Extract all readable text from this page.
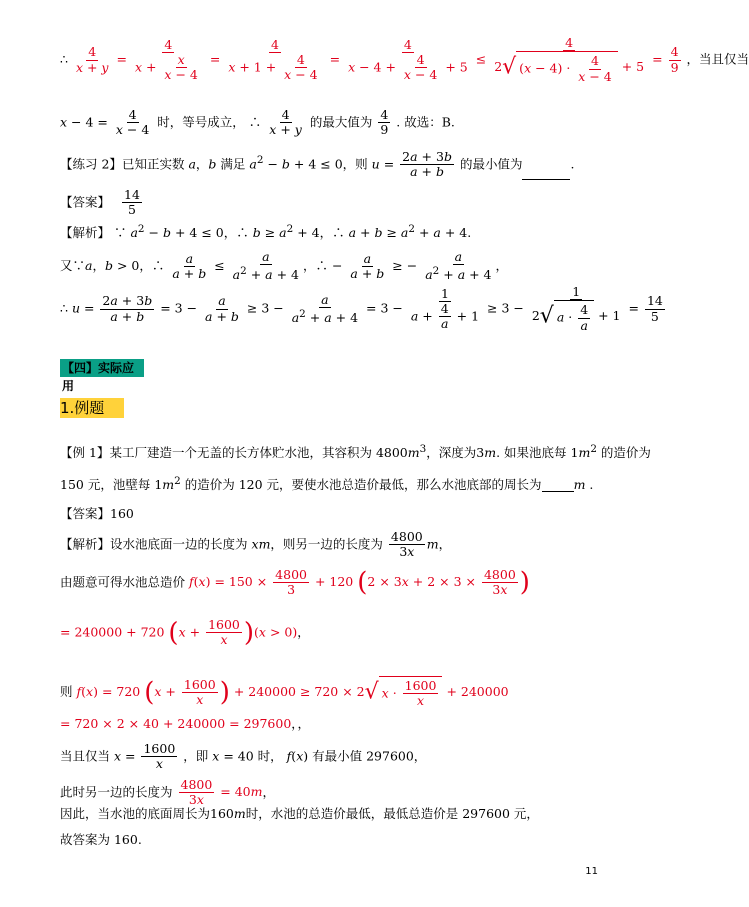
∴ $\frac{4}{x + y} = \frac{4}{x + \frac{x}{x - 4}} = \frac{4}{x + 1 + \frac{4}{x - 4}} = \frac{4}{x - 4 + \frac{4}{x - 4} + 5} \le \frac{4}{2√ (x - 4) \cdot \frac{4}{x - 4} + 5} = \frac{4}{9}$ ，当且仅当
$x - 4 = \frac{4}{x - 4}$ 时，等号成立， ∴ $\frac{4}{x + y}$ 的最大值为 $\frac{4}{9}$ . 故选：B.
【练习 2】已知正实数 a，b 满足 $a^2 - b + 4 \le 0$，则 $u = \frac{2a + 3b}{a + b}$ 的最小值为	.
【答案】 $\frac{14}{5}$
【解析】 ∵ $a^2 - b + 4 \le 0$，∴ $b \ge a^2 + 4$，∴ $a + b \ge a^2 + a + 4$.
又∵a，b > 0，∴ $\frac{a}{a + b} \le \frac{a}{a^2 + a + 4}$ ，∴ − $\frac{a}{a + b}$ ≥ − $\frac{a}{a^2 + a + 4}$ ，
∴ $u = \frac{2a + 3b}{a + b} = 3 - \frac{a}{a + b} \ge 3 - \frac{a}{a^2 + a + 4} = 3 - \frac{1}{a + \frac{4}{a} + 1} \ge 3 - \frac{1}{2√ a \cdot \frac{4}{a} + 1} = \frac{14}{5}$
【四】实际应用
1.例题
【例 1】某工厂建造一个无盖的长方体贮水池，其容积为 $4800m^3$，深度为3m. 如果池底每 $1m^2$ 的造价为
150 元，池壁每 $1m^2$ 的造价为 120 元，要使水池总造价最低，那么水池底部的周长为	m .
【答案】160
【解析】设水池底面一边的长度为 xm，则另一边的长度为 $\frac{4800}{3x}$ m，
由题意可得水池总造价 $f(x) = 150 \times \frac{4800}{3} + 120$ ($2 \times 3x + 2 \times 3 \times \frac{4800}{3x}$ )
= 240000 + 720 $(x + \frac{1600}{x} )(x > 0)$，
则 f(x) = 720 ($x + \frac{1600}{x}$ ) + 240000 ≥ 720 × 2√ $x \cdot \frac{1600}{x} + 240000$
= 720 × 2 × 40 + 240000 = 297600，，
当且仅当 $x = \frac{1600}{x}$ ，即 x = 40 时， f(x) 有最小值 297600，
此时另一边的长度为 $\frac{4800}{3x} = 40m$，
因此，当水池的底面周长为160m时，水池的总造价最低，最低总造价是 297600 元，
故答案为 160.
11
